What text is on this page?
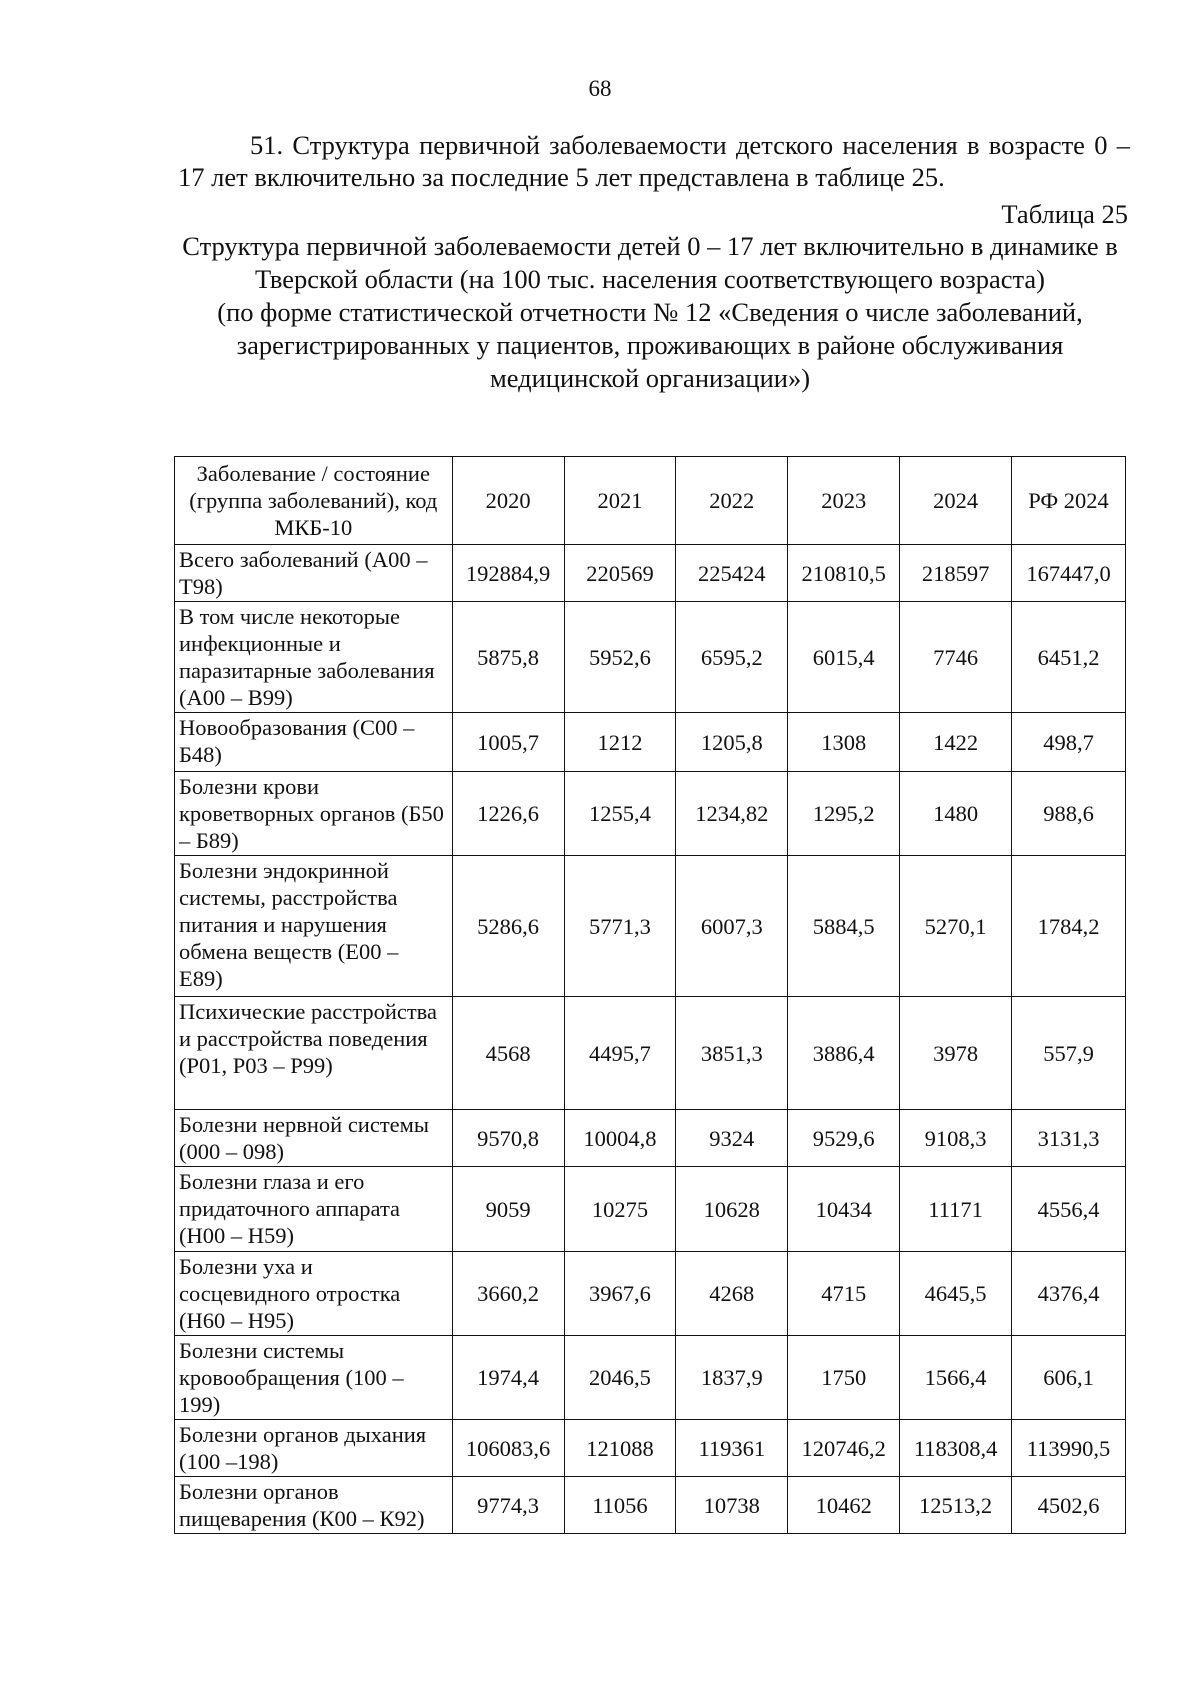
68

51. Структура первичной заболеваемости детского населения в возрасте 0 – 17 лет включительно за последние 5 лет представлена в таблице 25.

Таблица 25

Структура первичной заболеваемости детей 0 – 17 лет включительно в динамике в Тверской области (на 100 тыс. населения соответствующего возраста)

(по форме статистической отчетности № 12 «Сведения о числе заболеваний, зарегистрированных у пациентов, проживающих в районе обслуживания медицинской организации»)

Заболевание / состояние (группа заболеваний), код МКБ-10	2020	2021	2022	2023	2024	РФ 2024
Всего заболеваний (А00 –Т98)	192884,9	220569	225424	210810,5	218597	167447,0
В том числе некоторые инфекционные и паразитарные заболевания (А00 – В99)	5875,8	5952,6	6595,2	6015,4	7746	6451,2
Новообразования (С00 – Б48)	1005,7	1212	1205,8	1308	1422	498,7
Болезни крови кроветворных органов (Б50 – Б89)	1226,6	1255,4	1234,82	1295,2	1480	988,6
Болезни эндокринной системы, расстройства питания и нарушения обмена веществ (Е00 – Е89)	5286,6	5771,3	6007,3	5884,5	5270,1	1784,2
Психические расстройства и расстройства поведения (Р01, Р03 – Р99)	4568	4495,7	3851,3	3886,4	3978	557,9
Болезни нервной системы (000 – 098)	9570,8	10004,8	9324	9529,6	9108,3	3131,3
Болезни глаза и его придаточного аппарата (Н00 – Н59)	9059	10275	10628	10434	11171	4556,4
Болезни уха и сосцевидного отростка (Н60 – Н95)	3660,2	3967,6	4268	4715	4645,5	4376,4
Болезни системы кровообращения (100 – 199)	1974,4	2046,5	1837,9	1750	1566,4	606,1
Болезни органов дыхания (100 –198)	106083,6	121088	119361	120746,2	118308,4	113990,5
Болезни органов пищеварения (К00 – К92)	9774,3	11056	10738	10462	12513,2	4502,6
